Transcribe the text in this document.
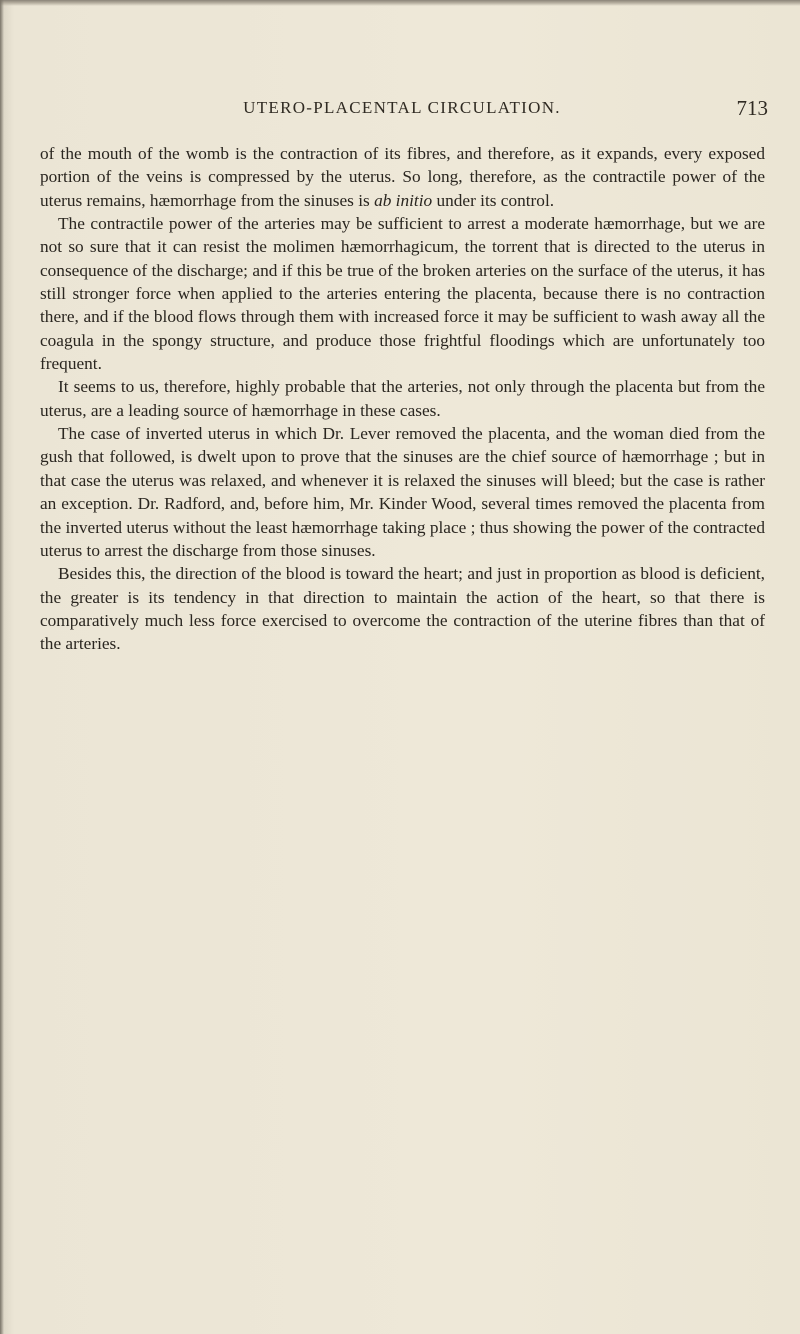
UTERO-PLACENTAL CIRCULATION.	713

of the mouth of the womb is the contraction of its fibres, and therefore, as it expands, every exposed portion of the veins is compressed by the uterus. So long, therefore, as the contractile power of the uterus remains, hæmorrhage from the sinuses is ab initio under its control.

The contractile power of the arteries may be sufficient to arrest a moderate hæmorrhage, but we are not so sure that it can resist the molimen hæmorrhagicum, the torrent that is directed to the uterus in consequence of the discharge; and if this be true of the broken arteries on the surface of the uterus, it has still stronger force when applied to the arteries entering the placenta, because there is no contraction there, and if the blood flows through them with increased force it may be sufficient to wash away all the coagula in the spongy structure, and produce those frightful floodings which are unfortunately too frequent.

It seems to us, therefore, highly probable that the arteries, not only through the placenta but from the uterus, are a leading source of hæmorrhage in these cases.

The case of inverted uterus in which Dr. Lever removed the placenta, and the woman died from the gush that followed, is dwelt upon to prove that the sinuses are the chief source of hæmorrhage ; but in that case the uterus was relaxed, and whenever it is relaxed the sinuses will bleed; but the case is rather an exception. Dr. Radford, and, before him, Mr. Kinder Wood, several times removed the placenta from the inverted uterus without the least hæmorrhage taking place ; thus showing the power of the contracted uterus to arrest the discharge from those sinuses.

Besides this, the direction of the blood is toward the heart; and just in proportion as blood is deficient, the greater is its tendency in that direction to maintain the action of the heart, so that there is comparatively much less force exercised to overcome the contraction of the uterine fibres than that of the arteries.
